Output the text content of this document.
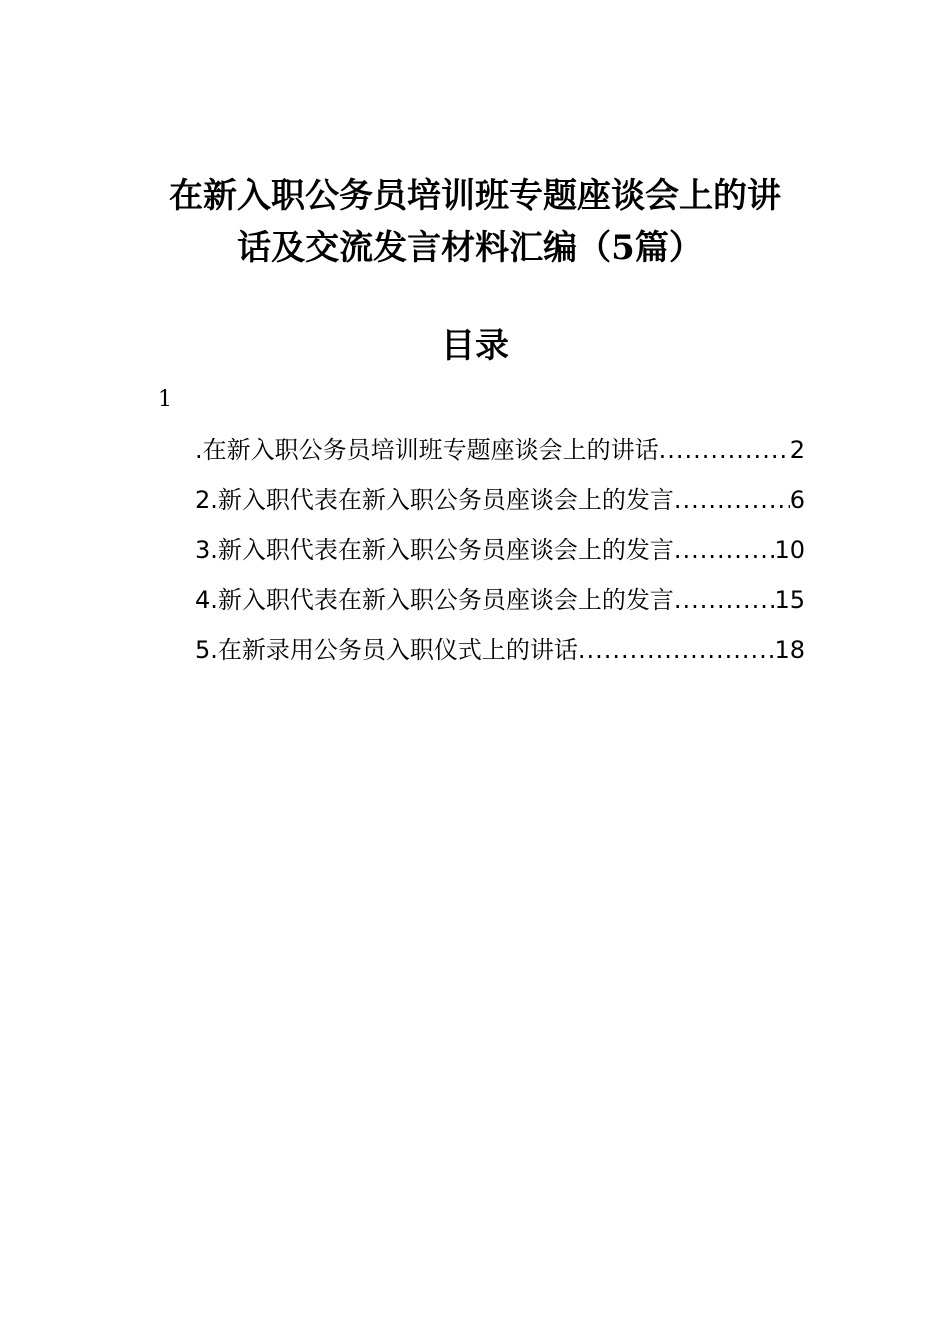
在新入职公务员培训班专题座谈会上的讲
话及交流发言材料汇编（5篇）
目录
1
.在新入职公务员培训班专题座谈会上的讲话 .....	2
2.新入职代表在新入职公务员座谈会上的发言 .....	6
3.新入职代表在新入职公务员座谈会上的发言 .....	10
4.新入职代表在新入职公务员座谈会上的发言 .....	15
5.在新录用公务员入职仪式上的讲话 .....	18
